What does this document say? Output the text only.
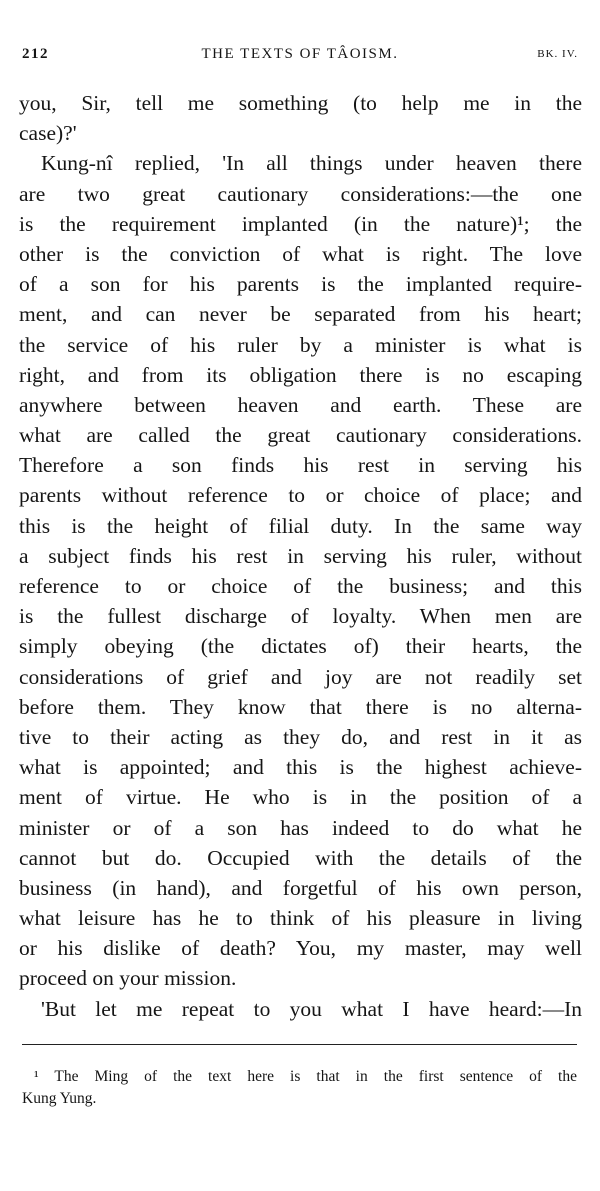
212	THE TEXTS OF TÂOISM.	BK. IV.
you, Sir, tell me something (to help me in the
case)?'
Kung-nî replied, 'In all things under heaven there
are two great cautionary considerations:—the one
is the requirement implanted (in the nature)¹; the
other is the conviction of what is right. The love
of a son for his parents is the implanted require-
ment, and can never be separated from his heart;
the service of his ruler by a minister is what is
right, and from its obligation there is no escaping
anywhere between heaven and earth. These are
what are called the great cautionary considerations.
Therefore a son finds his rest in serving his
parents without reference to or choice of place; and
this is the height of filial duty. In the same way
a subject finds his rest in serving his ruler, without
reference to or choice of the business; and this
is the fullest discharge of loyalty. When men are
simply obeying (the dictates of) their hearts, the
considerations of grief and joy are not readily set
before them. They know that there is no alterna-
tive to their acting as they do, and rest in it as
what is appointed; and this is the highest achieve-
ment of virtue. He who is in the position of a
minister or of a son has indeed to do what he
cannot but do. Occupied with the details of the
business (in hand), and forgetful of his own person,
what leisure has he to think of his pleasure in living
or his dislike of death? You, my master, may well
proceed on your mission.
'But let me repeat to you what I have heard:—In
¹ The Ming of the text here is that in the first sentence of the
Kung Yung.
